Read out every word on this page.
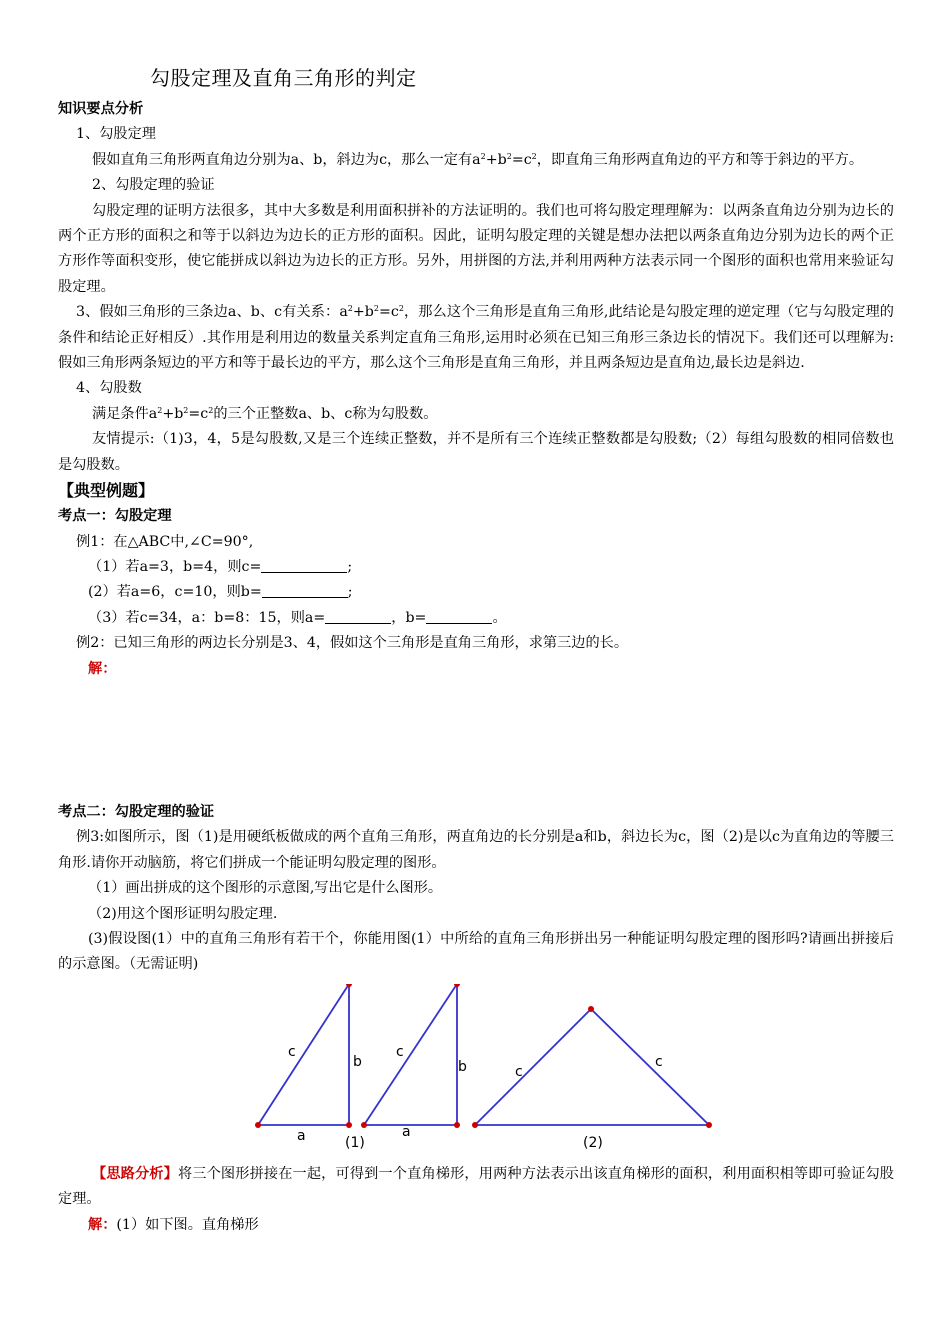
勾股定理及直角三角形的判定

知识要点分析

1、勾股定理

假如直角三角形两直角边分别为a、b，斜边为c，那么一定有$a^2+b^2=c^2$，即直角三角形两直角边的平方和等于斜边的平方。

2、勾股定理的验证

勾股定理的证明方法很多，其中大多数是利用面积拼补的方法证明的。我们也可将勾股定理理解为：以两条直角边分别为边长的两个正方形的面积之和等于以斜边为边长的正方形的面积。因此，证明勾股定理的关键是想办法把以两条直角边分别为边长的两个正方形作等面积变形，使它能拼成以斜边为边长的正方形。另外，用拼图的方法,并利用两种方法表示同一个图形的面积也常用来验证勾股定理。

3、假如三角形的三条边a、b、c有关系：$a^2+b^2=c^2$，那么这个三角形是直角三角形,此结论是勾股定理的逆定理（它与勾股定理的条件和结论正好相反）.其作用是利用边的数量关系判定直角三角形,运用时必须在已知三角形三条边长的情况下。我们还可以理解为:假如三角形两条短边的平方和等于最长边的平方，那么这个三角形是直角三角形，并且两条短边是直角边,最长边是斜边.

4、勾股数

满足条件$a^2+b^2=c^2$的三个正整数a、b、c称为勾股数。

友情提示:（1)3，4，5是勾股数,又是三个连续正整数，并不是所有三个连续正整数都是勾股数;（2）每组勾股数的相同倍数也是勾股数。

【典型例题】

考点一：勾股定理

例1：在△ABC中,∠C=90°,

（1）若a=3，b=4，则c=	;

(2）若a=6，c=10，则b=	;

（3）若c=34，a：b=8：15，则a=	，b=	。

例2：已知三角形的两边长分别是3、4，假如这个三角形是直角三角形，求第三边的长。

解：

考点二：勾股定理的验证

例3:如图所示，图（1)是用硬纸板做成的两个直角三角形，两直角边的长分别是a和b，斜边长为c，图（2)是以c为直角边的等腰三角形.请你开动脑筋，将它们拼成一个能证明勾股定理的图形。

（1）画出拼成的这个图形的示意图,写出它是什么图形。

（2)用这个图形证明勾股定理.

(3)假设图(1）中的直角三角形有若干个，你能用图(1）中所给的直角三角形拼出另一种能证明勾股定理的图形吗?请画出拼接后的示意图。（无需证明)

c
b
a
c
b
a
c
c
(1)	(2)

【思路分析】将三个图形拼接在一起，可得到一个直角梯形，用两种方法表示出该直角梯形的面积，利用面积相等即可验证勾股定理。

解：(1）如下图。直角梯形
